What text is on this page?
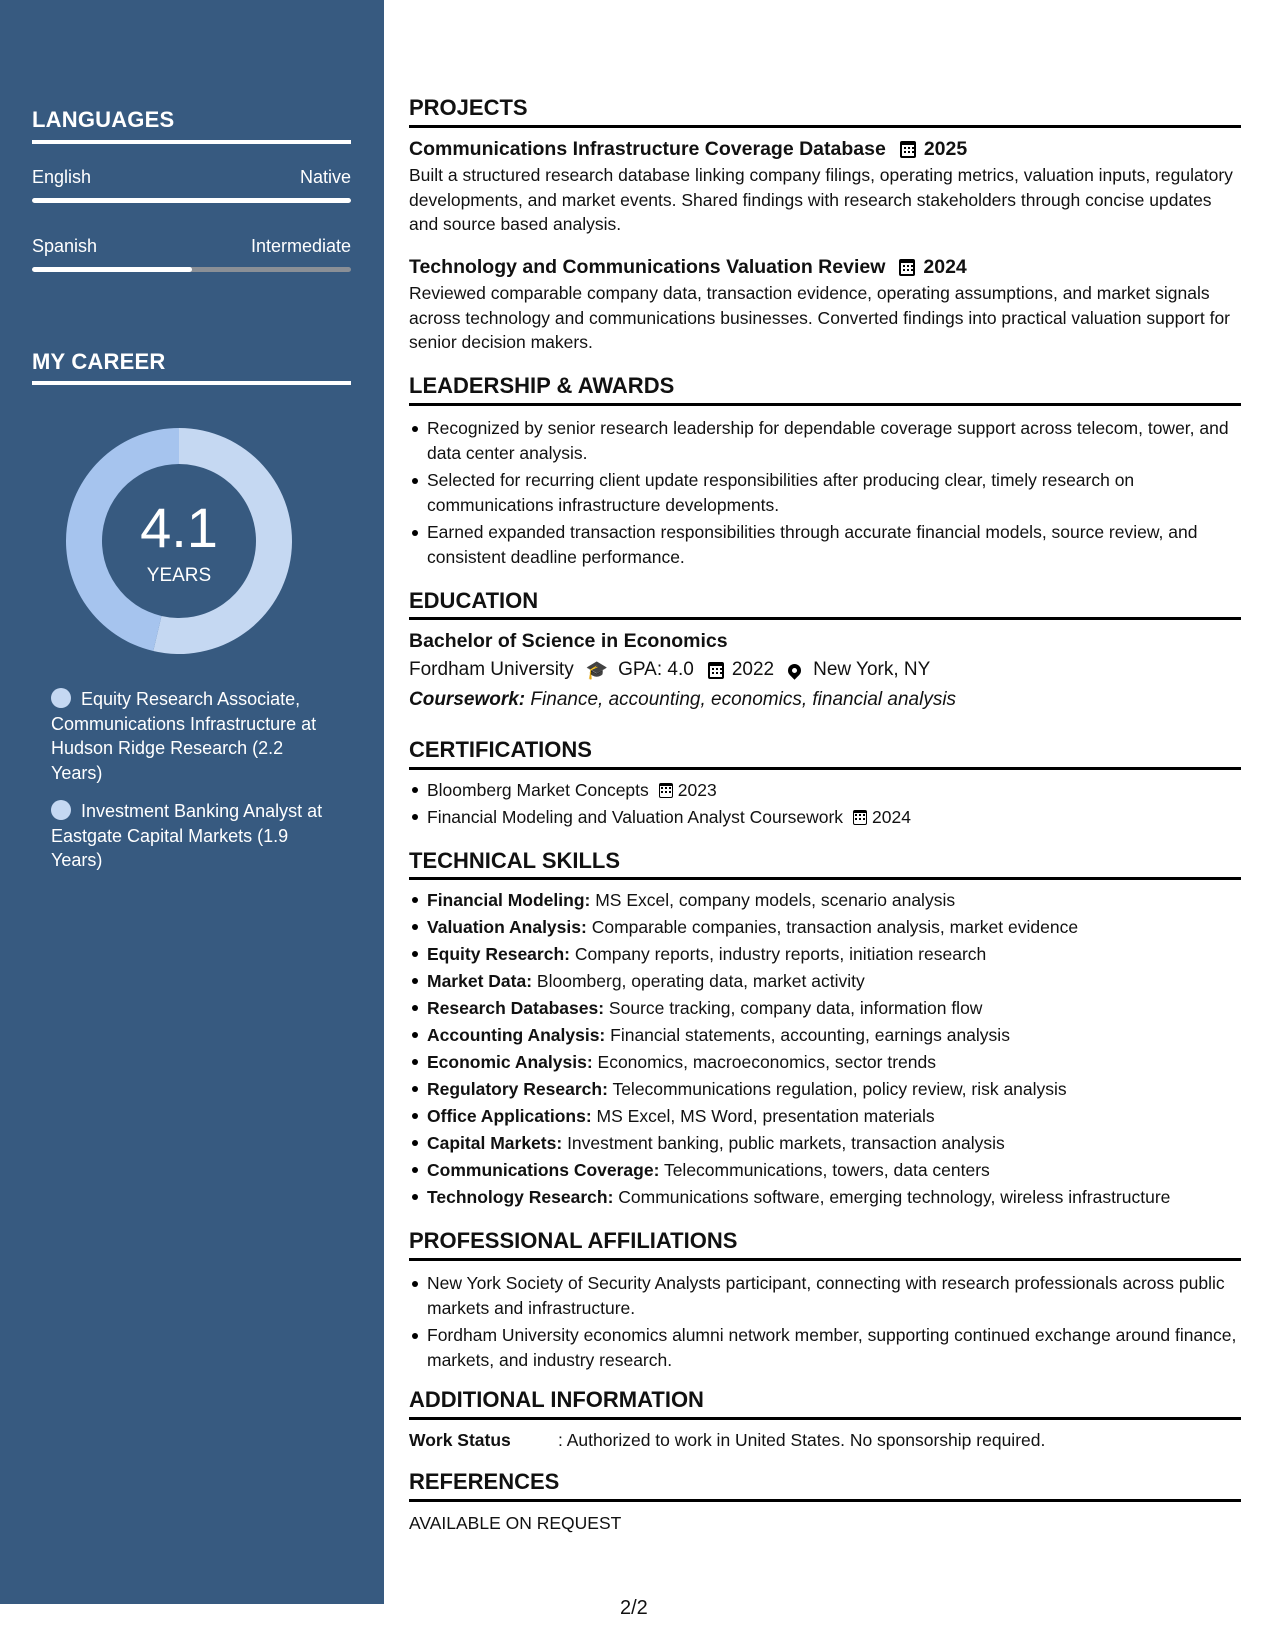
LANGUAGES
English	Native
Spanish	Intermediate
MY CAREER
4.1
YEARS
Equity Research Associate, Communications Infrastructure at Hudson Ridge Research (2.2 Years)
Investment Banking Analyst at Eastgate Capital Markets (1.9 Years)
PROJECTS
Communications Infrastructure Coverage Database 2025
Built a structured research database linking company filings, operating metrics, valuation inputs, regulatory developments, and market events. Shared findings with research stakeholders through concise updates and source based analysis.
Technology and Communications Valuation Review 2024
Reviewed comparable company data, transaction evidence, operating assumptions, and market signals across technology and communications businesses. Converted findings into practical valuation support for senior decision makers.
LEADERSHIP & AWARDS
Recognized by senior research leadership for dependable coverage support across telecom, tower, and data center analysis.
Selected for recurring client update responsibilities after producing clear, timely research on communications infrastructure developments.
Earned expanded transaction responsibilities through accurate financial models, source review, and consistent deadline performance.
EDUCATION
Bachelor of Science in Economics
Fordham University 🎓 GPA: 4.0 2022 New York, NY
Coursework: Finance, accounting, economics, financial analysis
CERTIFICATIONS
Bloomberg Market Concepts 2023
Financial Modeling and Valuation Analyst Coursework 2024
TECHNICAL SKILLS
Financial Modeling: MS Excel, company models, scenario analysis
Valuation Analysis: Comparable companies, transaction analysis, market evidence
Equity Research: Company reports, industry reports, initiation research
Market Data: Bloomberg, operating data, market activity
Research Databases: Source tracking, company data, information flow
Accounting Analysis: Financial statements, accounting, earnings analysis
Economic Analysis: Economics, macroeconomics, sector trends
Regulatory Research: Telecommunications regulation, policy review, risk analysis
Office Applications: MS Excel, MS Word, presentation materials
Capital Markets: Investment banking, public markets, transaction analysis
Communications Coverage: Telecommunications, towers, data centers
Technology Research: Communications software, emerging technology, wireless infrastructure
PROFESSIONAL AFFILIATIONS
New York Society of Security Analysts participant, connecting with research professionals across public markets and infrastructure.
Fordham University economics alumni network member, supporting continued exchange around finance, markets, and industry research.
ADDITIONAL INFORMATION
Work Status	: Authorized to work in United States. No sponsorship required.
REFERENCES
AVAILABLE ON REQUEST
2/2
